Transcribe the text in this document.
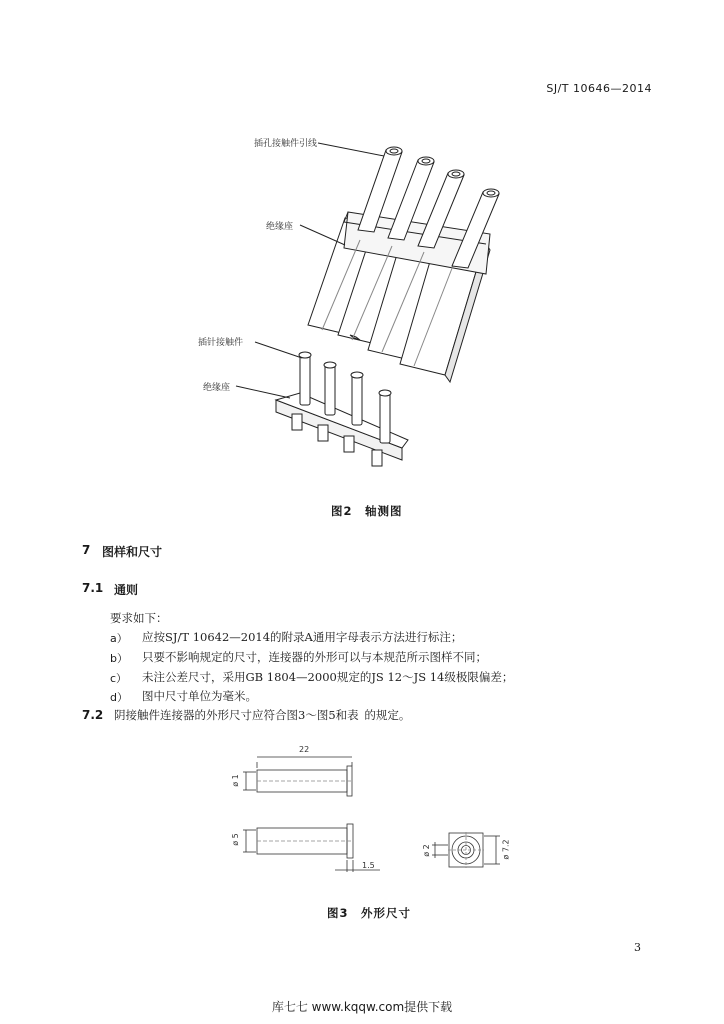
SJ/T 10646—2014
插孔接触件引线
绝缘座
插针接触件
绝缘座
图2　轴测图
7 图样和尺寸
7.1 通则
要求如下：
a） 应按SJ/T 10642—2014的附录A通用字母表示方法进行标注；
b） 只要不影响规定的尺寸，连接器的外形可以与本规范所示图样不同；
c） 未注公差尺寸，采用GB 1804—2000规定的JS 12～JS 14级极限偏差；
d） 图中尺寸单位为毫米。
7.2 阴接触件连接器的外形尺寸应符合图3～图5和表 的规定。
22
ø 1
ø 5
1.5
ø 2	ø 7.2
图3　外形尺寸
3
库七七 www.kqqw.com提供下载
